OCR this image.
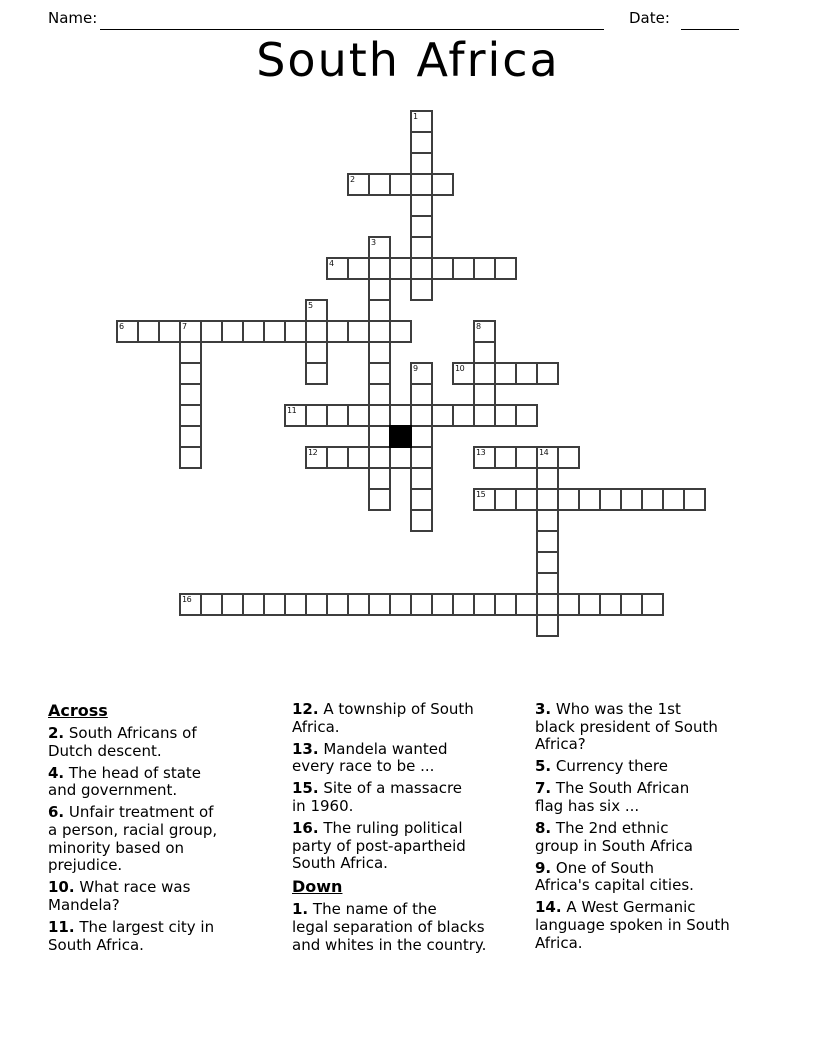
Name:	Date:
South Africa
1
2
3
4
5
6	7	8
9	10
11
12	13	14
15
16
Across
2. South Africans of
Dutch descent.
4. The head of state
and government.
6. Unfair treatment of
a person, racial group,
minority based on
prejudice.
10. What race was
Mandela?
11. The largest city in
South Africa.
12. A township of South
Africa.
13. Mandela wanted
every race to be ...
15. Site of a massacre
in 1960.
16. The ruling political
party of post-apartheid
South Africa.
Down
1. The name of the
legal separation of blacks
and whites in the country.
3. Who was the 1st
black president of South
Africa?
5. Currency there
7. The South African
flag has six ...
8. The 2nd ethnic
group in South Africa
9. One of South
Africa's capital cities.
14. A West Germanic
language spoken in South
Africa.
